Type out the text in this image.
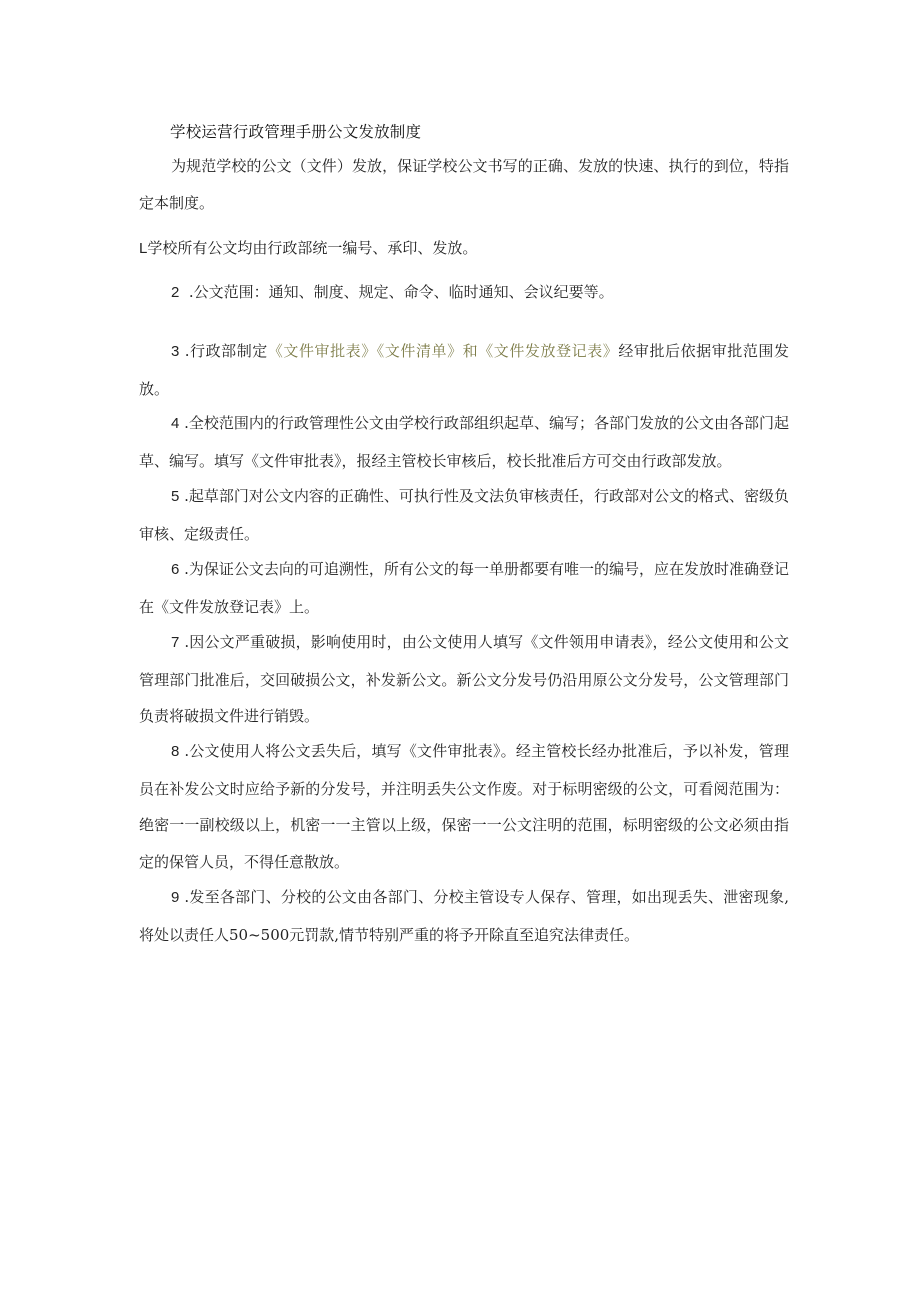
学校运营行政管理手册公文发放制度
为规范学校的公文（文件）发放，保证学校公文书写的正确、发放的快速、执行的到位，特指定本制度。
L学校所有公文均由行政部统一编号、承印、发放。
2 .公文范围：通知、制度、规定、命令、临时通知、会议纪要等。
3 .行政部制定《文件审批表》《文件清单》和《文件发放登记表》经审批后依据审批范围发放。
4 .全校范围内的行政管理性公文由学校行政部组织起草、编写；各部门发放的公文由各部门起草、编写。填写《文件审批表》，报经主管校长审核后，校长批准后方可交由行政部发放。
5 .起草部门对公文内容的正确性、可执行性及文法负审核责任，行政部对公文的格式、密级负审核、定级责任。
6 .为保证公文去向的可追溯性，所有公文的每一单册都要有唯一的编号，应在发放时准确登记在《文件发放登记表》上。
7 .因公文严重破损，影响使用时，由公文使用人填写《文件领用申请表》，经公文使用和公文管理部门批准后，交回破损公文，补发新公文。新公文分发号仍沿用原公文分发号，公文管理部门负责将破损文件进行销毁。
8 .公文使用人将公文丢失后，填写《文件审批表》。经主管校长经办批准后，予以补发，管理员在补发公文时应给予新的分发号，并注明丢失公文作废。对于标明密级的公文，可看阅范围为：绝密一一副校级以上，机密一一主管以上级，保密一一公文注明的范围，标明密级的公文必须由指定的保管人员，不得任意散放。
9 .发至各部门、分校的公文由各部门、分校主管设专人保存、管理，如出现丢失、泄密现象,将处以责任人50~500元罚款,情节特别严重的将予开除直至追究法律责任。
